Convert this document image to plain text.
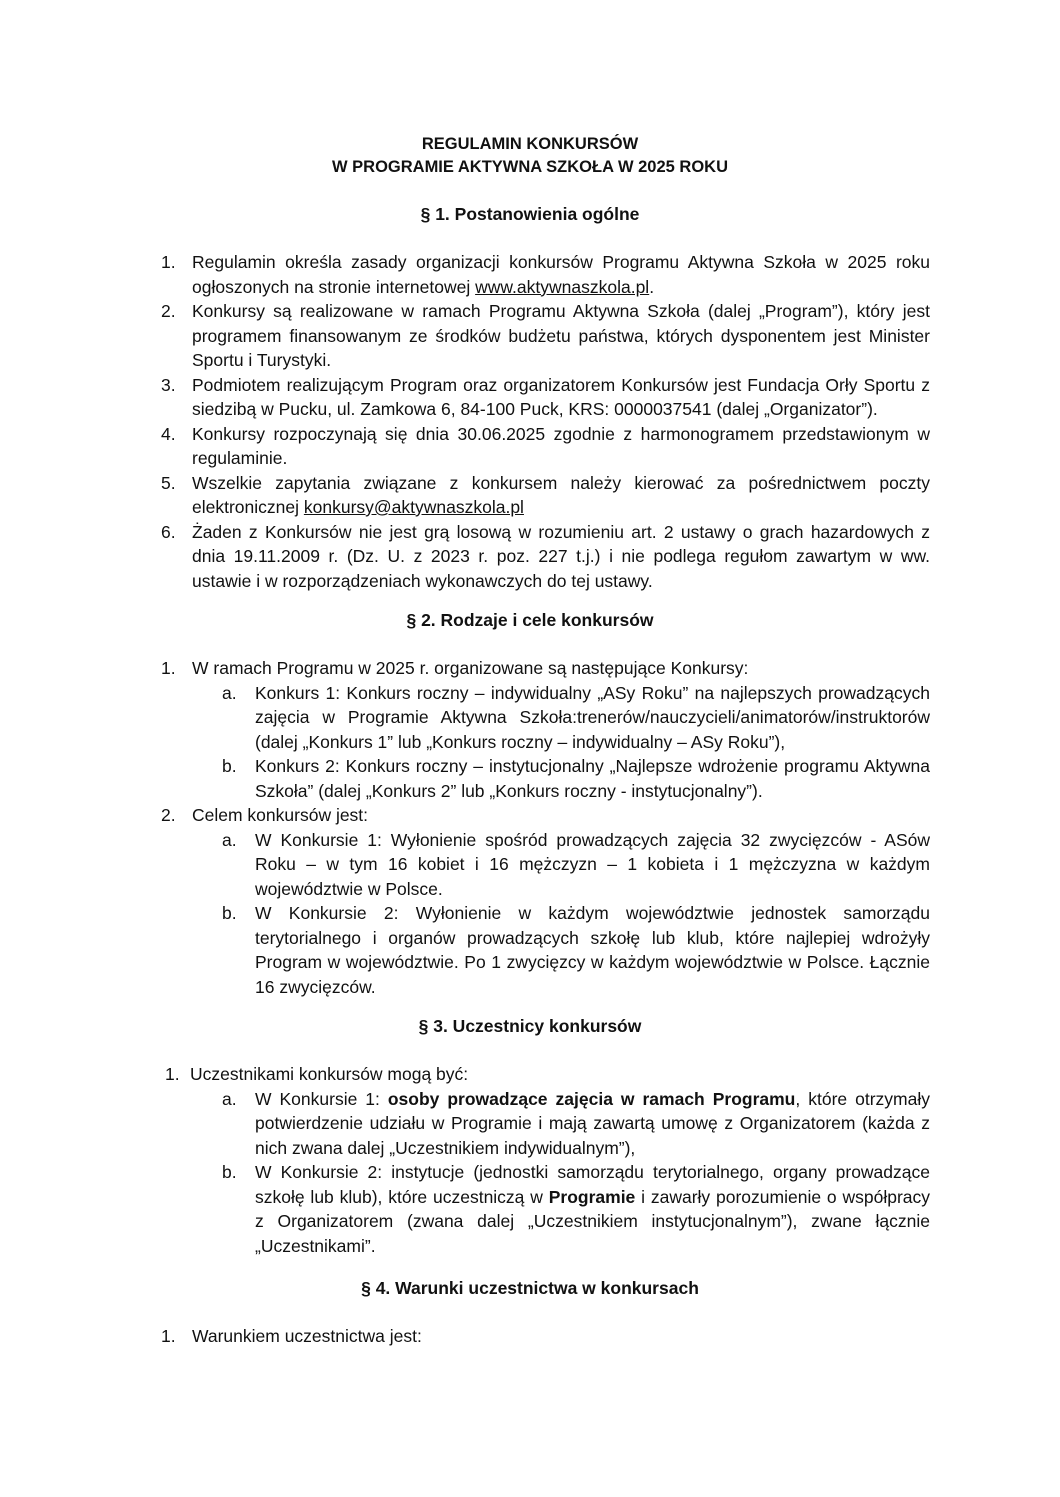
REGULAMIN KONKURSÓW
W PROGRAMIE AKTYWNA SZKOŁA W 2025 ROKU
§ 1. Postanowienia ogólne
1. Regulamin określa zasady organizacji konkursów Programu Aktywna Szkoła w 2025 roku ogłoszonych na stronie internetowej www.aktywnaszkola.pl.
2. Konkursy są realizowane w ramach Programu Aktywna Szkoła (dalej „Program”), który jest programem finansowanym ze środków budżetu państwa, których dysponentem jest Minister Sportu i Turystyki.
3. Podmiotem realizującym Program oraz organizatorem Konkursów jest Fundacja Orły Sportu z siedzibą w Pucku, ul. Zamkowa 6, 84-100 Puck, KRS: 0000037541 (dalej „Organizator”).
4. Konkursy rozpoczynają się dnia 30.06.2025 zgodnie z harmonogramem przedstawionym w regulaminie.
5. Wszelkie zapytania związane z konkursem należy kierować za pośrednictwem poczty elektronicznej konkursy@aktywnaszkola.pl
6. Żaden z Konkursów nie jest grą losową w rozumieniu art. 2 ustawy o grach hazardowych z dnia 19.11.2009 r. (Dz. U. z 2023 r. poz. 227 t.j.) i nie podlega regułom zawartym w ww. ustawie i w rozporządzeniach wykonawczych do tej ustawy.
§ 2. Rodzaje i cele konkursów
1. W ramach Programu w 2025 r. organizowane są następujące Konkursy:
a.	Konkurs 1: Konkurs roczny – indywidualny „ASy Roku” na najlepszych prowadzących zajęcia w Programie Aktywna Szkoła:trenerów/nauczycieli/animatorów/instruktorów (dalej „Konkurs 1” lub „Konkurs roczny – indywidualny – ASy Roku”),
b.	Konkurs 2: Konkurs roczny – instytucjonalny „Najlepsze wdrożenie programu Aktywna Szkoła” (dalej „Konkurs 2” lub „Konkurs roczny - instytucjonalny”).
2. Celem konkursów jest:
a.	W Konkursie 1: Wyłonienie spośród prowadzących zajęcia 32 zwycięzców - ASów Roku – w tym 16 kobiet i 16 mężczyzn – 1 kobieta i 1 mężczyzna w każdym województwie w Polsce.
b.	W Konkursie 2: Wyłonienie w każdym województwie jednostek samorządu terytorialnego i organów prowadzących szkołę lub klub, które najlepiej wdrożyły Program w województwie. Po 1 zwycięzcy w każdym województwie w Polsce. Łącznie 16 zwycięzców.
§ 3. Uczestnicy konkursów
1. Uczestnikami konkursów mogą być:
a.	W Konkursie 1: osoby prowadzące zajęcia w ramach Programu, które otrzymały potwierdzenie udziału w Programie i mają zawartą umowę z Organizatorem (każda z nich zwana dalej „Uczestnikiem indywidualnym”),
b.	W Konkursie 2: instytucje (jednostki samorządu terytorialnego, organy prowadzące szkołę lub klub), które uczestniczą w Programie i zawarły porozumienie o współpracy z Organizatorem (zwana dalej „Uczestnikiem instytucjonalnym”), zwane łącznie „Uczestnikami”.
§ 4. Warunki uczestnictwa w konkursach
1. Warunkiem uczestnictwa jest:
